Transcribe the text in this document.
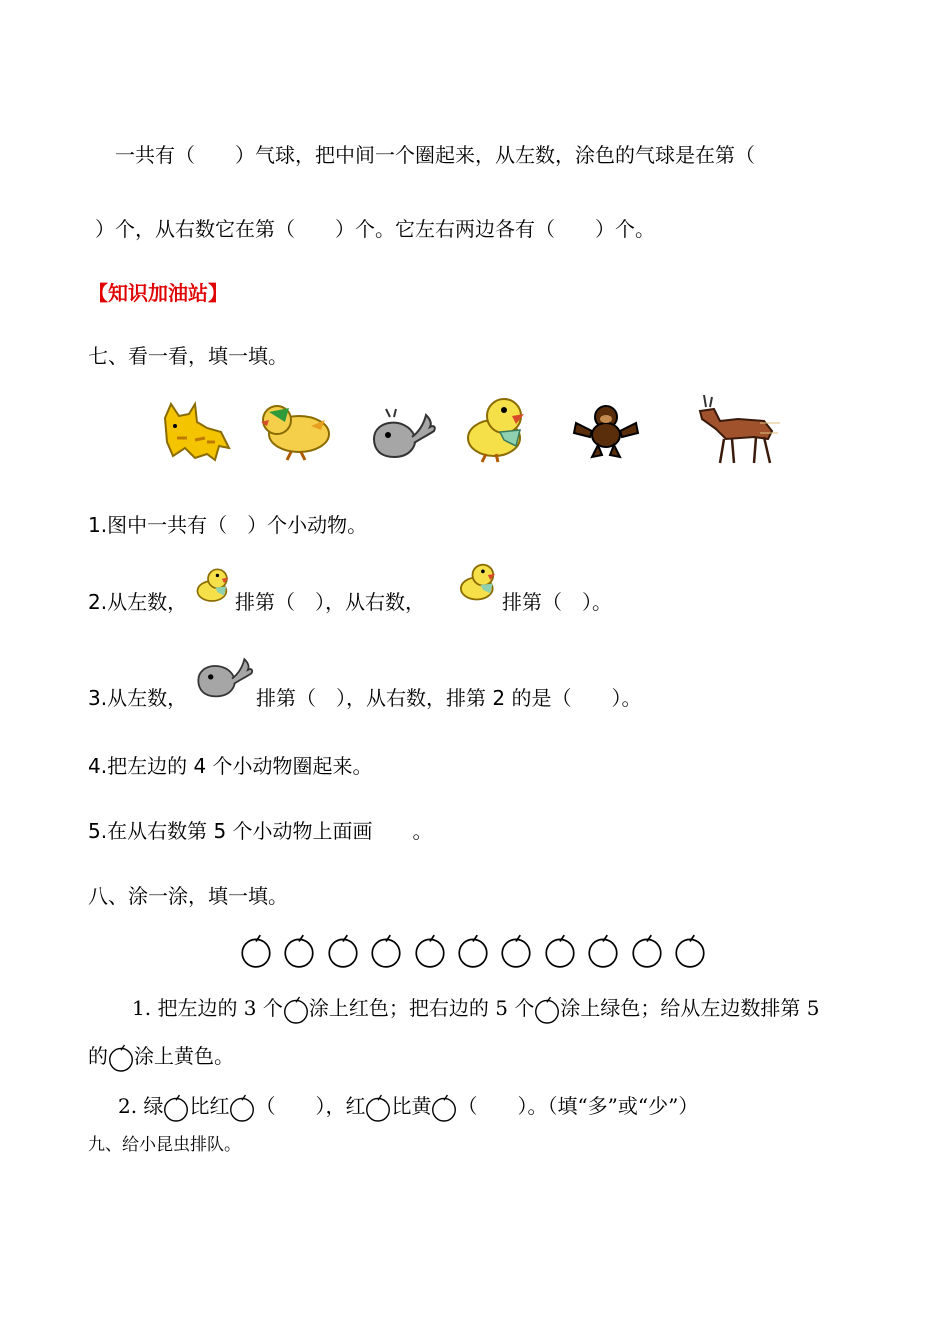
一共有（　　）气球，把中间一个圈起来，从左数，涂色的气球是在第（
）个，从右数它在第（　　）个。它左右两边各有（　　）个。
【知识加油站】
七、看一看，填一填。
1.图中一共有（　）个小动物。
2.从左数， 排第（　），从右数，	排第（　）。
3.从左数，	排第（　），从右数，排第 2 的是（　　）。
4.把左边的 4 个小动物圈起来。
5.在从右数第 5 个小动物上面画　　。
八、涂一涂，填一填。
1. 把左边的 3 个 涂上红色；把右边的 5 个 涂上绿色；给从左边数排第 5
的 涂上黄色。
2. 绿 比红 （　　），红 比黄 （　　）。（填“多”或“少”）
九、给小昆虫排队。
